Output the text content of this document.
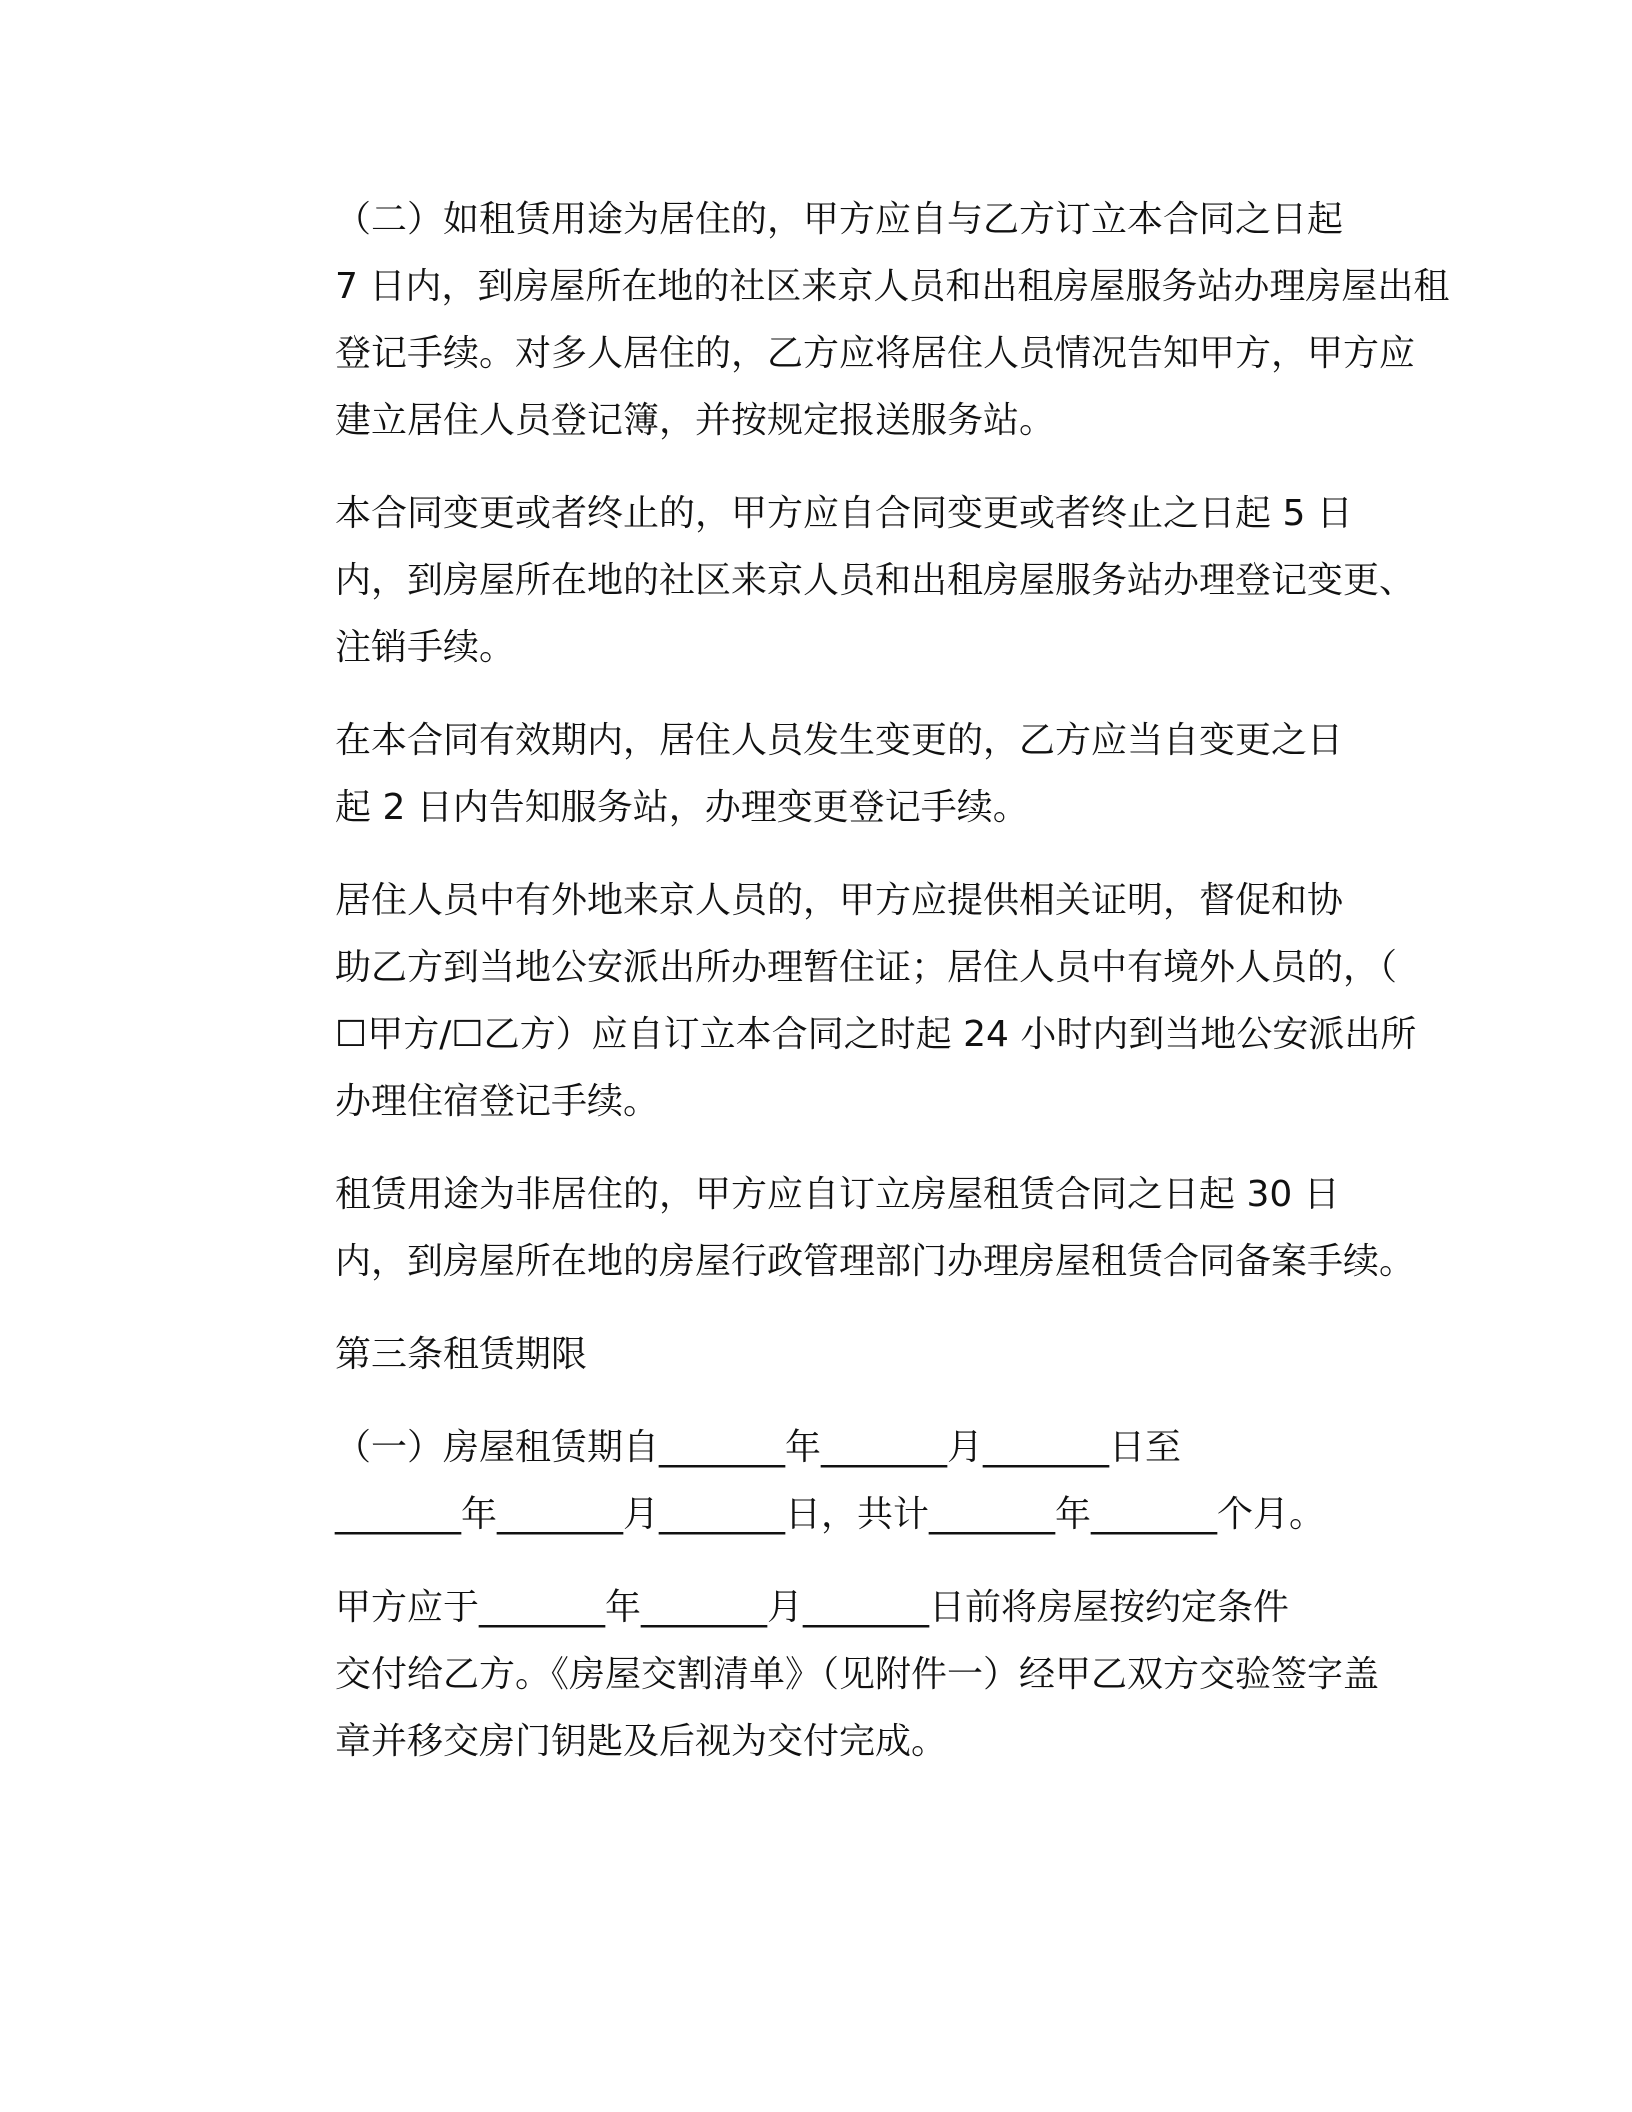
（二）如租赁用途为居住的，甲方应自与乙方订立本合同之日起
7 日内，到房屋所在地的社区来京人员和出租房屋服务站办理房屋出租
登记手续。对多人居住的，乙方应将居住人员情况告知甲方，甲方应
建立居住人员登记簿，并按规定报送服务站。

本合同变更或者终止的，甲方应自合同变更或者终止之日起 5 日
内，到房屋所在地的社区来京人员和出租房屋服务站办理登记变更、
注销手续。

在本合同有效期内，居住人员发生变更的，乙方应当自变更之日
起 2 日内告知服务站，办理变更登记手续。

居住人员中有外地来京人员的，甲方应提供相关证明，督促和协
助乙方到当地公安派出所办理暂住证；居住人员中有境外人员的，（
☐甲方/☐乙方）应自订立本合同之时起 24 小时内到当地公安派出所
办理住宿登记手续。

租赁用途为非居住的，甲方应自订立房屋租赁合同之日起 30 日
内，到房屋所在地的房屋行政管理部门办理房屋租赁合同备案手续。

第三条租赁期限

（一）房屋租赁期自_______年_______月_______日至
_______年_______月_______日，共计_______年_______个月。

甲方应于_______年_______月_______日前将房屋按约定条件
交付给乙方。《房屋交割清单》（见附件一）经甲乙双方交验签字盖
章并移交房门钥匙及后视为交付完成。
